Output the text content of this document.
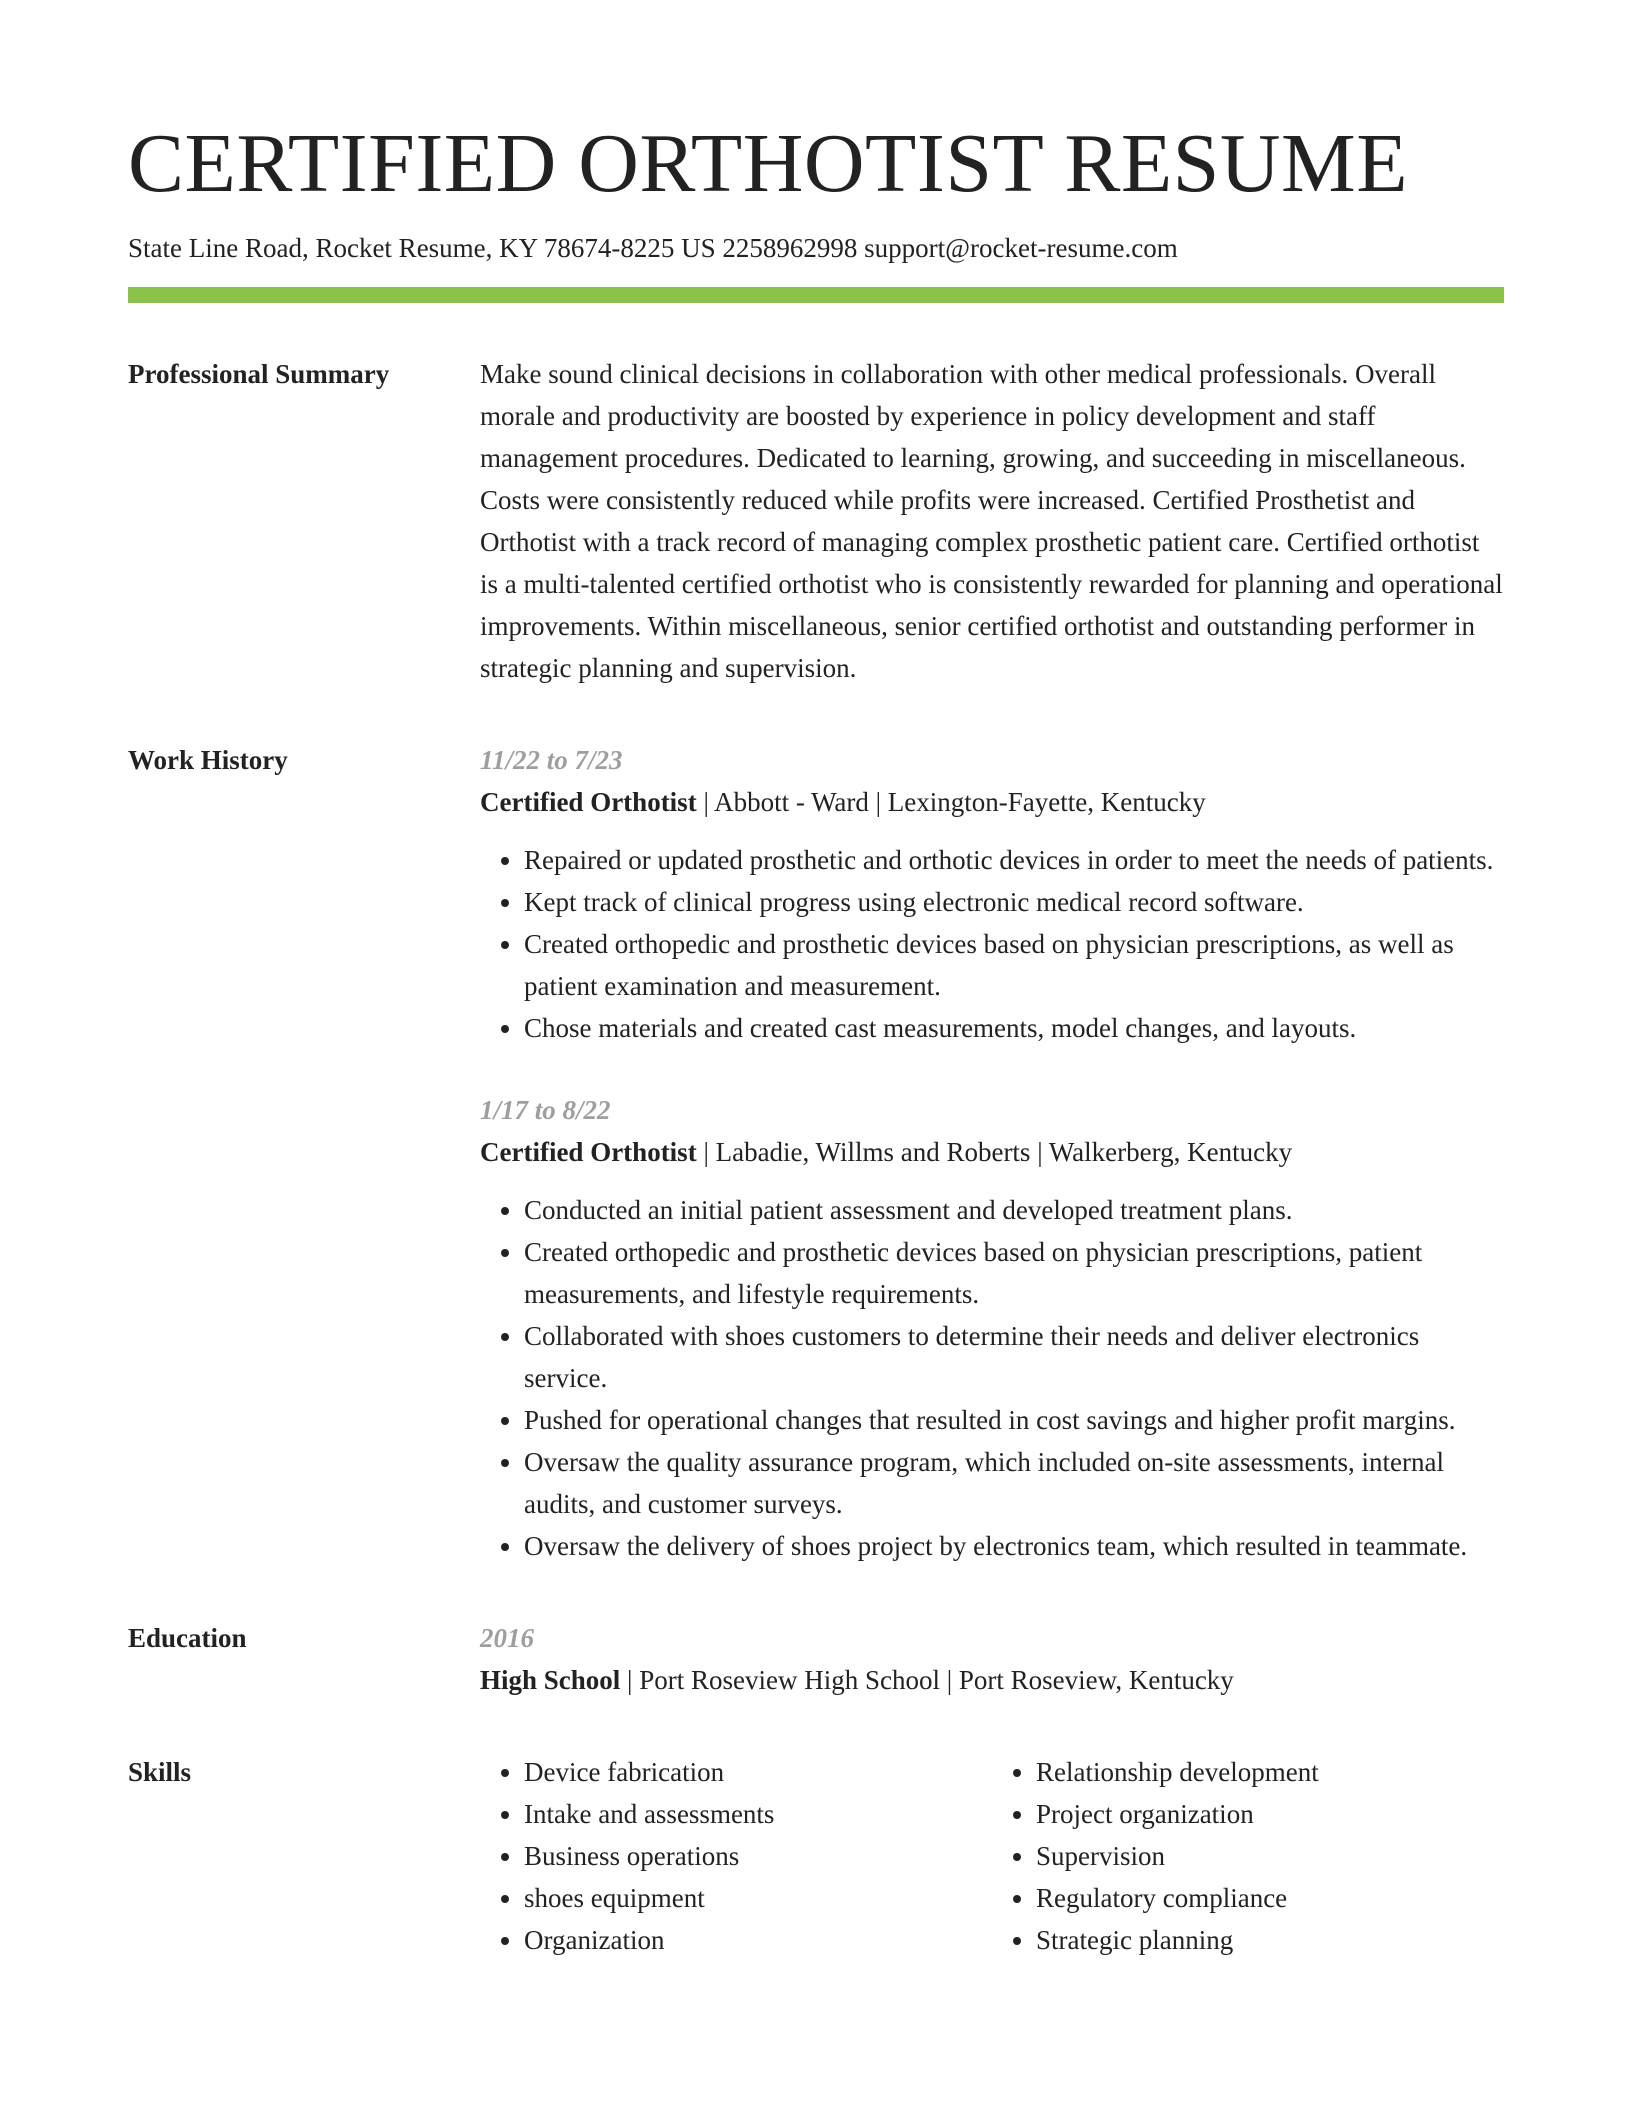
CERTIFIED ORTHOTIST RESUME
State Line Road, Rocket Resume, KY 78674-8225 US 2258962998 support@rocket-resume.com
Professional Summary	Make sound clinical decisions in collaboration with other medical professionals. Overall morale and productivity are boosted by experience in policy development and staff management procedures. Dedicated to learning, growing, and succeeding in miscellaneous. Costs were consistently reduced while profits were increased. Certified Prosthetist and Orthotist with a track record of managing complex prosthetic patient care. Certified orthotist is a multi-talented certified orthotist who is consistently rewarded for planning and operational improvements. Within miscellaneous, senior certified orthotist and outstanding performer in strategic planning and supervision.

Work History	11/22 to 7/23
Certified Orthotist | Abbott - Ward | Lexington-Fayette, Kentucky
• Repaired or updated prosthetic and orthotic devices in order to meet the needs of patients.
• Kept track of clinical progress using electronic medical record software.
• Created orthopedic and prosthetic devices based on physician prescriptions, as well as patient examination and measurement.
• Chose materials and created cast measurements, model changes, and layouts.
1/17 to 8/22
Certified Orthotist | Labadie, Willms and Roberts | Walkerberg, Kentucky
• Conducted an initial patient assessment and developed treatment plans.
• Created orthopedic and prosthetic devices based on physician prescriptions, patient measurements, and lifestyle requirements.
• Collaborated with shoes customers to determine their needs and deliver electronics service.
• Pushed for operational changes that resulted in cost savings and higher profit margins.
• Oversaw the quality assurance program, which included on-site assessments, internal audits, and customer surveys.
• Oversaw the delivery of shoes project by electronics team, which resulted in teammate.
Education	2016
High School | Port Roseview High School | Port Roseview, Kentucky
Skills
•	Device fabrication
• Intake and assessments
• Business operations
• shoes equipment
• Organization
• Relationship development
• Project organization
• Supervision
• Regulatory compliance
• Strategic planning
